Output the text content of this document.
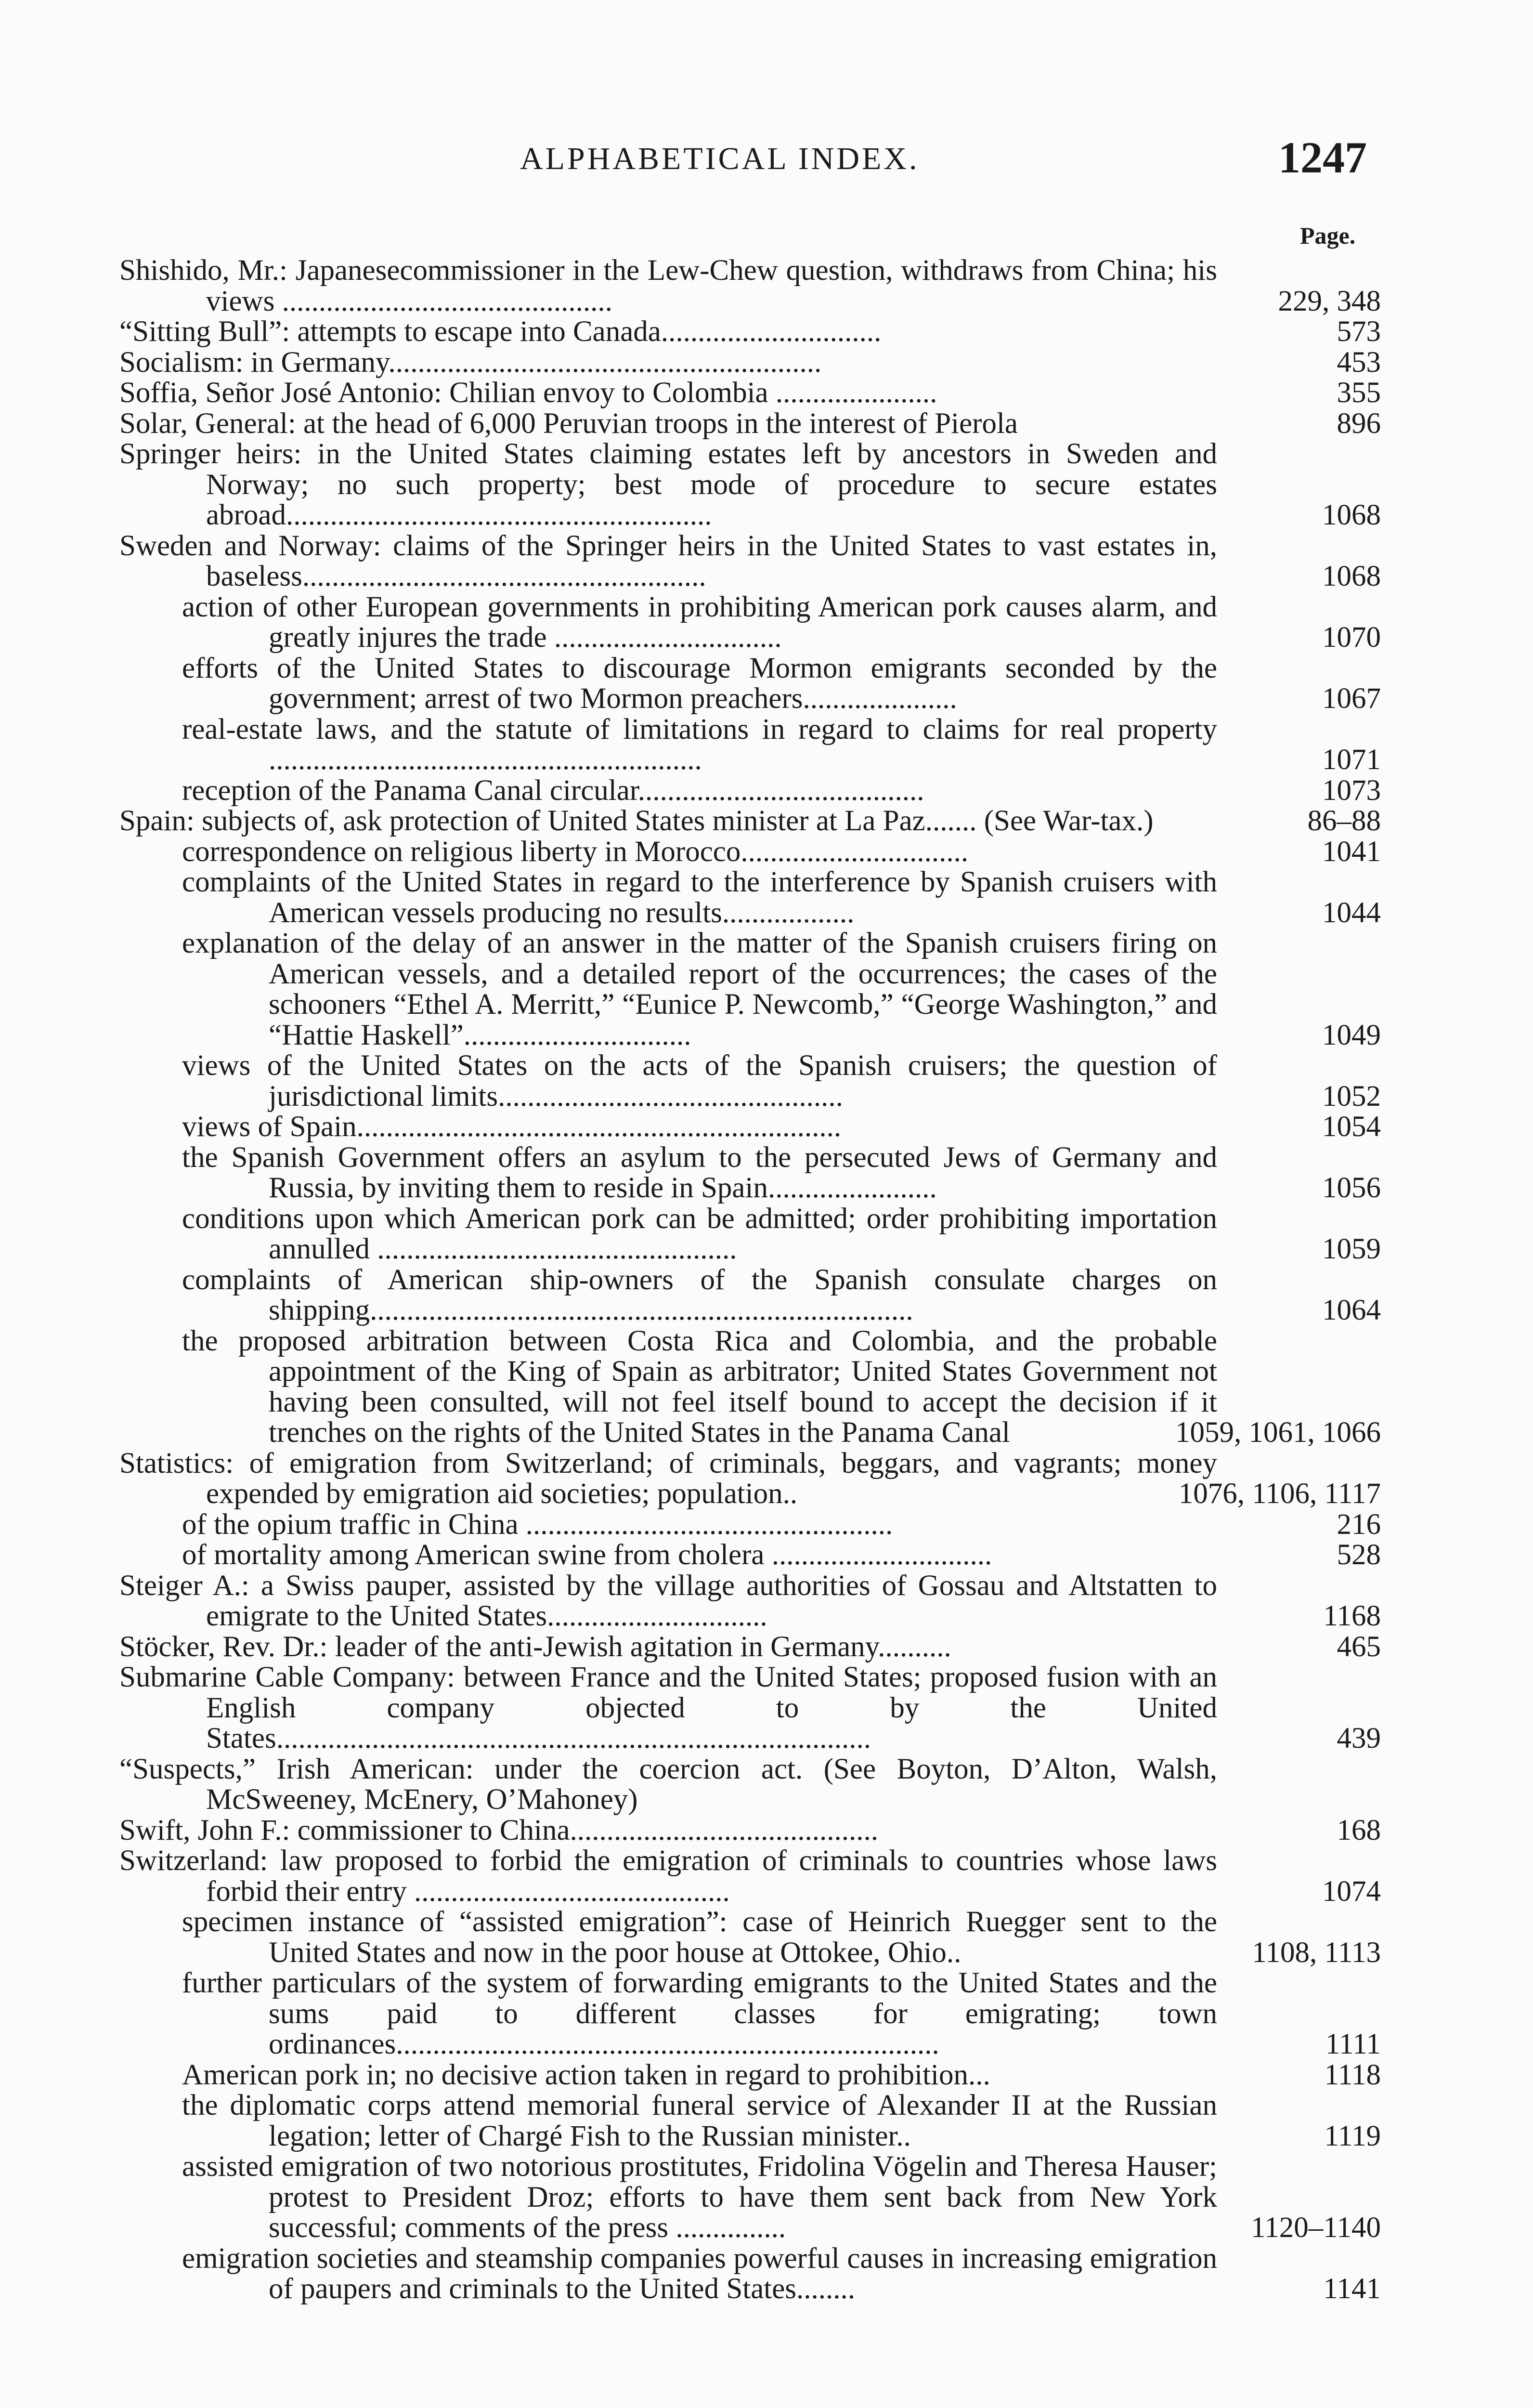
ALPHABETICAL INDEX.	1247
Page.
Shishido, Mr.: Japanesecommissioner in the Lew-Chew question, withdraws from China; his views .............................................	229, 348
“Sitting Bull”: attempts to escape into Canada..............................	573
Socialism: in Germany...........................................................	453
Soffia, Señor José Antonio: Chilian envoy to Colombia ......................	355
Solar, General: at the head of 6,000 Peruvian troops in the interest of Pierola	896
Springer heirs: in the United States claiming estates left by ancestors in Sweden and Norway; no such property; best mode of procedure to secure estates abroad..........................................................	1068
Sweden and Norway: claims of the Springer heirs in the United States to vast estates in, baseless.......................................................	1068
action of other European governments in prohibiting American pork causes alarm, and greatly injures the trade ...............................	1070
efforts of the United States to discourage Mormon emigrants seconded by the government; arrest of two Mormon preachers.....................	1067
real-estate laws, and the statute of limitations in regard to claims for real property ...........................................................	1071
reception of the Panama Canal circular.......................................	1073
Spain: subjects of, ask protection of United States minister at La Paz....... (See War-tax.)	86–88
correspondence on religious liberty in Morocco...............................	1041
complaints of the United States in regard to the interference by Spanish cruisers with American vessels producing no results..................	1044
explanation of the delay of an answer in the matter of the Spanish cruisers firing on American vessels, and a detailed report of the occurrences; the cases of the schooners “Ethel A. Merritt,” “Eunice P. Newcomb,” “George Washington,” and “Hattie Haskell”...............................	1049
views of the United States on the acts of the Spanish cruisers; the question of jurisdictional limits...............................................	1052
views of Spain..................................................................	1054
the Spanish Government offers an asylum to the persecuted Jews of Germany and Russia, by inviting them to reside in Spain.......................	1056
conditions upon which American pork can be admitted; order prohibiting importation annulled .................................................	1059
complaints of American ship-owners of the Spanish consulate charges on shipping..........................................................................	1064
the proposed arbitration between Costa Rica and Colombia, and the probable appointment of the King of Spain as arbitrator; United States Government not having been consulted, will not feel itself bound to accept the decision if it trenches on the rights of the United States in the Panama Canal	1059, 1061, 1066
Statistics: of emigration from Switzerland; of criminals, beggars, and vagrants; money expended by emigration aid societies; population..	1076, 1106, 1117
of the opium traffic in China ..................................................	216
of mortality among American swine from cholera ..............................	528
Steiger A.: a Swiss pauper, assisted by the village authorities of Gossau and Altstatten to emigrate to the United States..............................	1168
Stöcker, Rev. Dr.: leader of the anti-Jewish agitation in Germany..........	465
Submarine Cable Company: between France and the United States; proposed fusion with an English company objected to by the United States.................................................................................	439
“Suspects,” Irish American: under the coercion act. (See Boyton, D’Alton, Walsh, McSweeney, McEnery, O’Mahoney)
Swift, John F.: commissioner to China..........................................	168
Switzerland: law proposed to forbid the emigration of criminals to countries whose laws forbid their entry ...........................................	1074
specimen instance of “assisted emigration”: case of Heinrich Ruegger sent to the United States and now in the poor house at Ottokee, Ohio..	1108, 1113
further particulars of the system of forwarding emigrants to the United States and the sums paid to different classes for emigrating; town ordinances..........................................................................	1111
American pork in; no decisive action taken in regard to prohibition...	1118
the diplomatic corps attend memorial funeral service of Alexander II at the Russian legation; letter of Chargé Fish to the Russian minister..	1119
assisted emigration of two notorious prostitutes, Fridolina Vögelin and Theresa Hauser; protest to President Droz; efforts to have them sent back from New York successful; comments of the press ...............	1120–1140
emigration societies and steamship companies powerful causes in increasing emigration of paupers and criminals to the United States........	1141
